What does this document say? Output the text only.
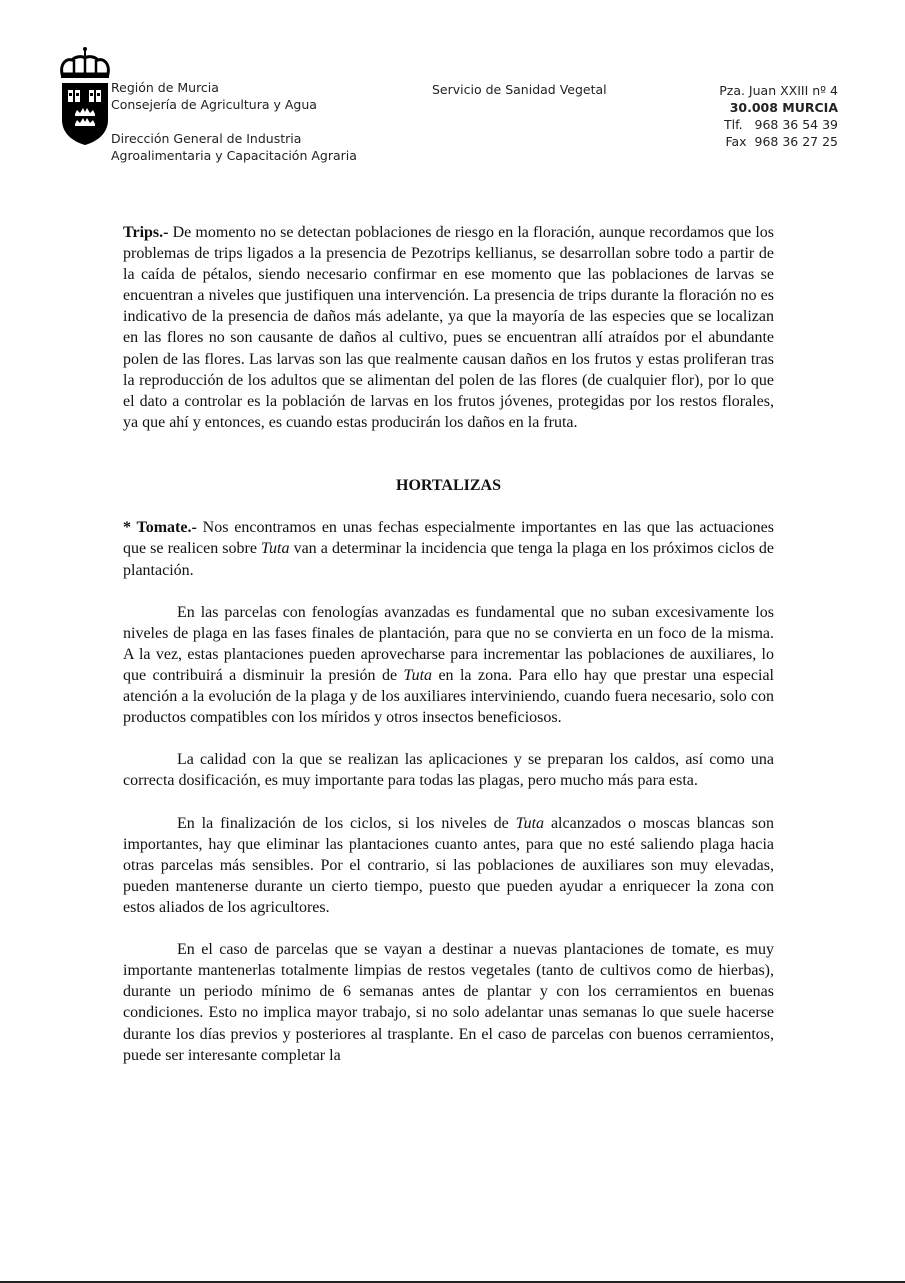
Región de Murcia
Consejería de Agricultura y Agua
Dirección General de Industria
Agroalimentaria y Capacitación Agraria
Servicio de Sanidad Vegetal	Pza. Juan XXIII nº 4
30.008 MURCIA
Tlf. 968 36 54 39
Fax 968 36 27 25

Trips.- De momento no se detectan poblaciones de riesgo en la floración, aunque recordamos que los problemas de trips ligados a la presencia de Pezotrips kellianus, se desarrollan sobre todo a partir de la caída de pétalos, siendo necesario confirmar en ese momento que las poblaciones de larvas se encuentran a niveles que justifiquen una intervención. La presencia de trips durante la floración no es indicativo de la presencia de daños más adelante, ya que la mayoría de las especies que se localizan en las flores no son causante de daños al cultivo, pues se encuentran allí atraídos por el abundante polen de las flores. Las larvas son las que realmente causan daños en los frutos y estas proliferan tras la reproducción de los adultos que se alimentan del polen de las flores (de cualquier flor), por lo que el dato a controlar es la población de larvas en los frutos jóvenes, protegidas por los restos florales, ya que ahí y entonces, es cuando estas producirán los daños en la fruta.

HORTALIZAS

* Tomate.- Nos encontramos en unas fechas especialmente importantes en las que las actuaciones que se realicen sobre Tuta van a determinar la incidencia que tenga la plaga en los próximos ciclos de plantación.

En las parcelas con fenologías avanzadas es fundamental que no suban excesivamente los niveles de plaga en las fases finales de plantación, para que no se convierta en un foco de la misma. A la vez, estas plantaciones pueden aprovecharse para incrementar las poblaciones de auxiliares, lo que contribuirá a disminuir la presión de Tuta en la zona. Para ello hay que prestar una especial atención a la evolución de la plaga y de los auxiliares interviniendo, cuando fuera necesario, solo con productos compatibles con los míridos y otros insectos beneficiosos.

La calidad con la que se realizan las aplicaciones y se preparan los caldos, así como una correcta dosificación, es muy importante para todas las plagas, pero mucho más para esta.

En la finalización de los ciclos, si los niveles de Tuta alcanzados o moscas blancas son importantes, hay que eliminar las plantaciones cuanto antes, para que no esté saliendo plaga hacia otras parcelas más sensibles. Por el contrario, si las poblaciones de auxiliares son muy elevadas, pueden mantenerse durante un cierto tiempo, puesto que pueden ayudar a enriquecer la zona con estos aliados de los agricultores.

En el caso de parcelas que se vayan a destinar a nuevas plantaciones de tomate, es muy importante mantenerlas totalmente limpias de restos vegetales (tanto de cultivos como de hierbas), durante un periodo mínimo de 6 semanas antes de plantar y con los cerramientos en buenas condiciones. Esto no implica mayor trabajo, si no solo adelantar unas semanas lo que suele hacerse durante los días previos y posteriores al trasplante. En el caso de parcelas con buenos cerramientos, puede ser interesante completar la
